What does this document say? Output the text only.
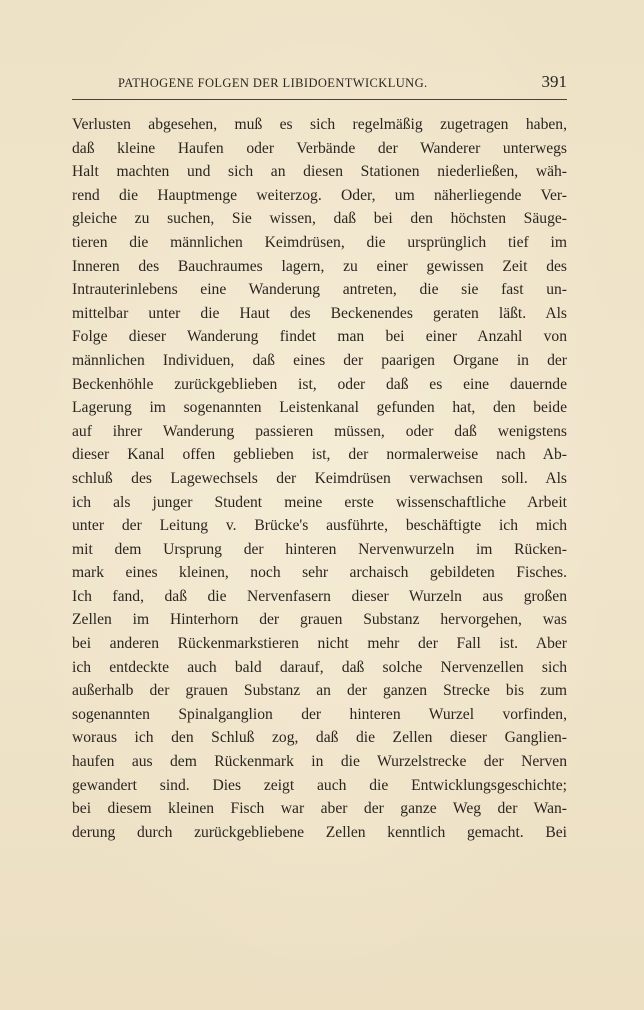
PATHOGENE FOLGEN DER LIBIDOENTWICKLUNG.	391
Verlusten abgesehen, muß es sich regelmäßig zugetragen haben,
daß kleine Haufen oder Verbände der Wanderer unterwegs
Halt machten und sich an diesen Stationen niederließen, wäh-
rend die Hauptmenge weiterzog. Oder, um näherliegende Ver-
gleiche zu suchen, Sie wissen, daß bei den höchsten Säuge-
tieren die männlichen Keimdrüsen, die ursprünglich tief im
Inneren des Bauchraumes lagern, zu einer gewissen Zeit des
Intrauterinlebens eine Wanderung antreten, die sie fast un-
mittelbar unter die Haut des Beckenendes geraten läßt. Als
Folge dieser Wanderung findet man bei einer Anzahl von
männlichen Individuen, daß eines der paarigen Organe in der
Beckenhöhle zurückgeblieben ist, oder daß es eine dauernde
Lagerung im sogenannten Leistenkanal gefunden hat, den beide
auf ihrer Wanderung passieren müssen, oder daß wenigstens
dieser Kanal offen geblieben ist, der normalerweise nach Ab-
schluß des Lagewechsels der Keimdrüsen verwachsen soll. Als
ich als junger Student meine erste wissenschaftliche Arbeit
unter der Leitung v. Brücke's ausführte, beschäftigte ich mich
mit dem Ursprung der hinteren Nervenwurzeln im Rücken-
mark eines kleinen, noch sehr archaisch gebildeten Fisches.
Ich fand, daß die Nervenfasern dieser Wurzeln aus großen
Zellen im Hinterhorn der grauen Substanz hervorgehen, was
bei anderen Rückenmarkstieren nicht mehr der Fall ist. Aber
ich entdeckte auch bald darauf, daß solche Nervenzellen sich
außerhalb der grauen Substanz an der ganzen Strecke bis zum
sogenannten Spinalganglion der hinteren Wurzel vorfinden,
woraus ich den Schluß zog, daß die Zellen dieser Ganglien-
haufen aus dem Rückenmark in die Wurzelstrecke der Nerven
gewandert sind. Dies zeigt auch die Entwicklungsgeschichte;
bei diesem kleinen Fisch war aber der ganze Weg der Wan-
derung durch zurückgebliebene Zellen kenntlich gemacht. Bei
